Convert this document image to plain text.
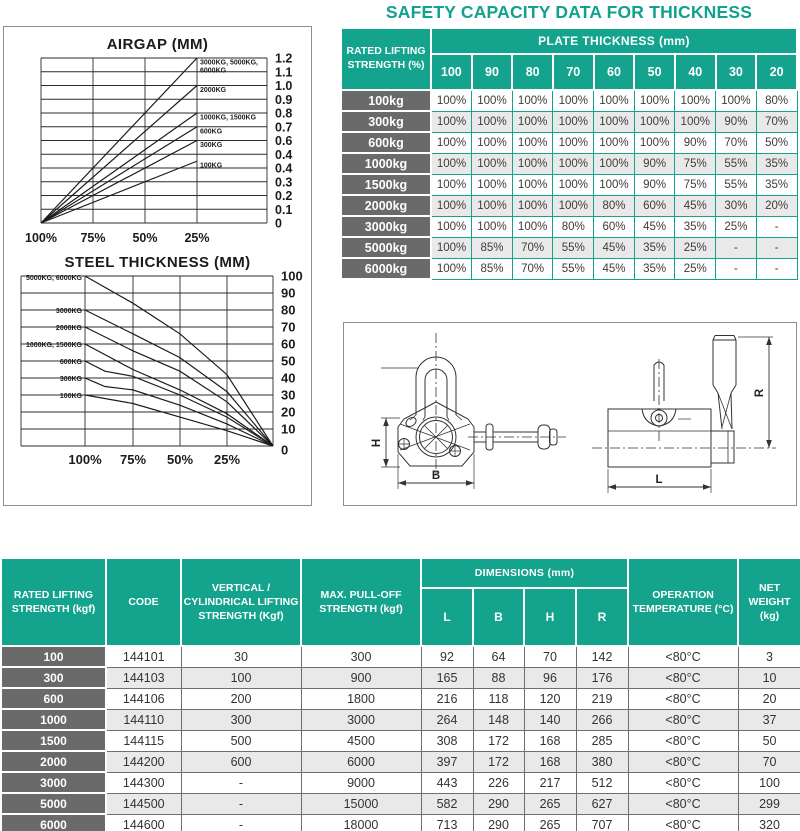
AIRGAP (MM)
3000KG, 5000KG,
6000KG
2000KG
1000KG, 1500KG
600KG
300KG
100KG
100% 75% 50% 25%
1.2
1.1
1.0
0.9
0.8
0.7
0.6
0.4
0.4
0.3
0.2
0.1
0
STEEL THICKNESS (MM)
5000KG, 6000KG
3000KG
2000KG
1000KG, 1500KG
600KG
300KG
100KG
100% 75% 50% 25%
100
90
80
70
60
50
40
30
20
10
0
SAFETY CAPACITY DATA FOR THICKNESS
RATED LIFTING STRENGTH (%)	PLATE THICKNESS (mm)								
	100	90	80	70	60	50	40	30	20
100kg	100%	100%	100%	100%	100%	100%	100%	100%	80%
300kg	100%	100%	100%	100%	100%	100%	100%	90%	70%
600kg	100%	100%	100%	100%	100%	100%	90%	70%	50%
1000kg	100%	100%	100%	100%	100%	90%	75%	55%	35%
1500kg	100%	100%	100%	100%	100%	90%	75%	55%	35%
2000kg	100%	100%	100%	100%	80%	60%	45%	30%	20%
3000kg	100%	100%	100%	80%	60%	45%	35%	25%	-
5000kg	100%	85%	70%	55%	45%	35%	25%	-	-
6000kg	100%	85%	70%	55%	45%	35%	25%	-	-
H
B	L
R
RATED LIFTING STRENGTH (kgf)	CODE	VERTICAL / CYLINDRICAL LIFTING STRENGTH (Kgf)	MAX. PULL-OFF STRENGTH (kgf)	DIMENSIONS (mm)				OPERATION TEMPERATURE (°C)	NET WEIGHT (kg)
				L	B	H	R		
100	144101	30	300	92	64	70	142	<80°C	3
300	144103	100	900	165	88	96	176	<80°C	10
600	144106	200	1800	216	118	120	219	<80°C	20
1000	144110	300	3000	264	148	140	266	<80°C	37
1500	144115	500	4500	308	172	168	285	<80°C	50
2000	144200	600	6000	397	172	168	380	<80°C	70
3000	144300	-	9000	443	226	217	512	<80°C	100
5000	144500	-	15000	582	290	265	627	<80°C	299
6000	144600	-	18000	713	290	265	707	<80°C	320
